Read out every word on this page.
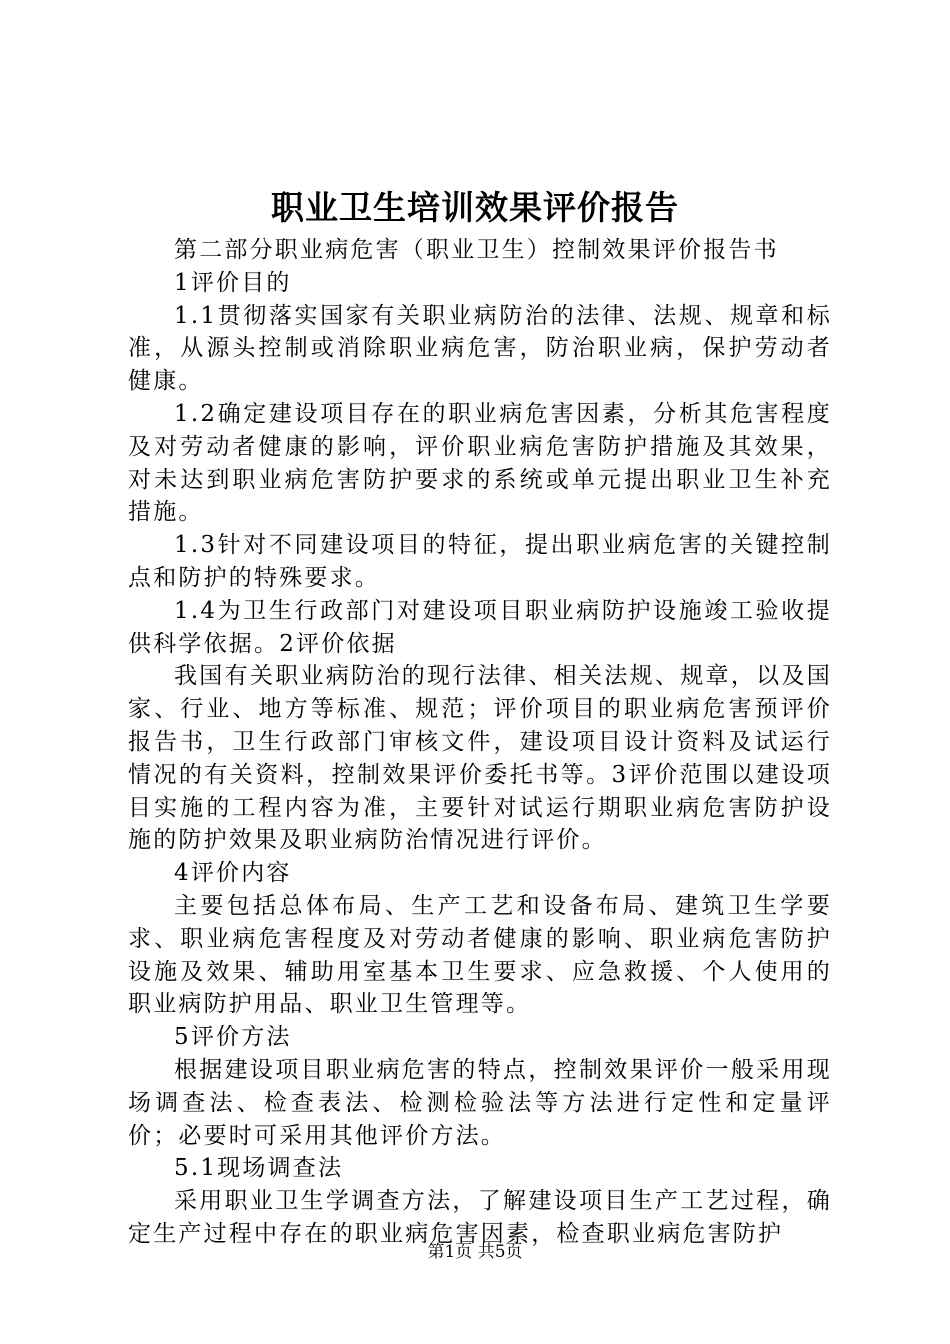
职业卫生培训效果评价报告

第二部分职业病危害（职业卫生）控制效果评价报告书

1评价目的

1.1贯彻落实国家有关职业病防治的法律、法规、规章和标准，从源头控制或消除职业病危害，防治职业病，保护劳动者健康。

1.2确定建设项目存在的职业病危害因素，分析其危害程度及对劳动者健康的影响，评价职业病危害防护措施及其效果，对未达到职业病危害防护要求的系统或单元提出职业卫生补充措施。

1.3针对不同建设项目的特征，提出职业病危害的关键控制点和防护的特殊要求。

1.4为卫生行政部门对建设项目职业病防护设施竣工验收提供科学依据。2评价依据

我国有关职业病防治的现行法律、相关法规、规章，以及国家、行业、地方等标准、规范；评价项目的职业病危害预评价报告书，卫生行政部门审核文件，建设项目设计资料及试运行情况的有关资料，控制效果评价委托书等。3评价范围以建设项目实施的工程内容为准，主要针对试运行期职业病危害防护设施的防护效果及职业病防治情况进行评价。

4评价内容

主要包括总体布局、生产工艺和设备布局、建筑卫生学要求、职业病危害程度及对劳动者健康的影响、职业病危害防护设施及效果、辅助用室基本卫生要求、应急救援、个人使用的职业病防护用品、职业卫生管理等。

5评价方法

根据建设项目职业病危害的特点，控制效果评价一般采用现场调查法、检查表法、检测检验法等方法进行定性和定量评价；必要时可采用其他评价方法。

5.1现场调查法

采用职业卫生学调查方法，了解建设项目生产工艺过程，确定生产过程中存在的职业病危害因素，检查职业病危害防护

第1页 共5页
